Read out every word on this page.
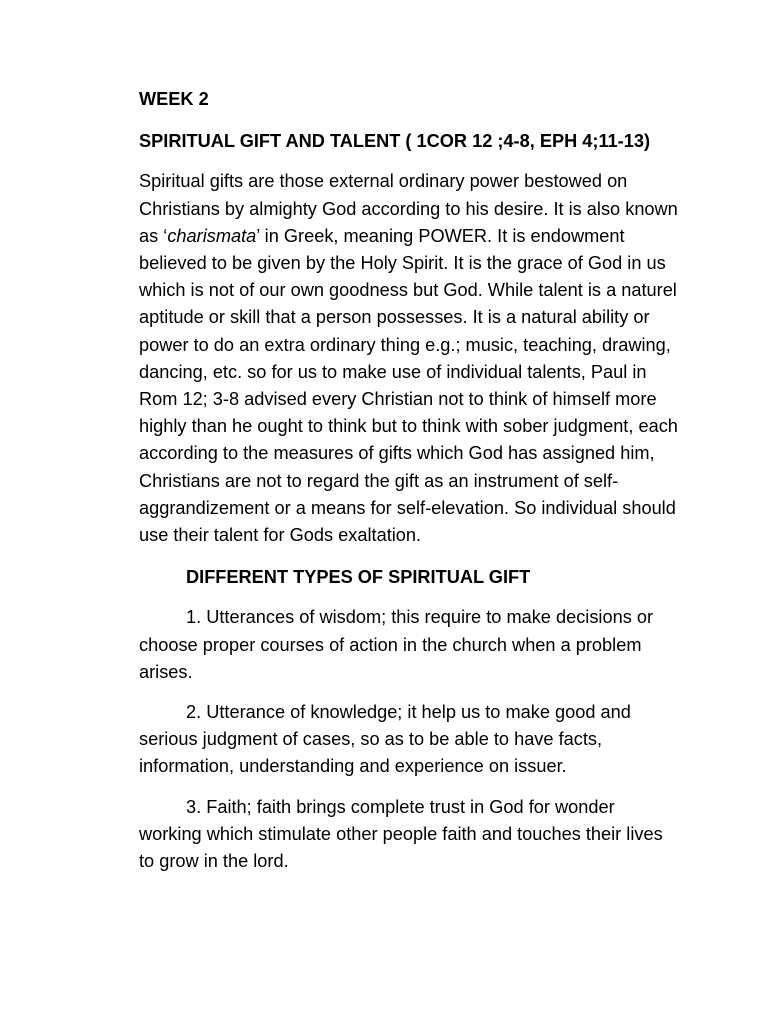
WEEK 2

SPIRITUAL GIFT AND TALENT ( 1COR 12 ;4-8, EPH 4;11-13)

Spiritual gifts are those external ordinary power bestowed on Christians by almighty God according to his desire. It is also known as ‘charismata’ in Greek, meaning POWER. It is endowment believed to be given by the Holy Spirit. It is the grace of God in us which is not of our own goodness but God. While talent is a naturel aptitude or skill that a person possesses. It is a natural ability or power to do an extra ordinary thing e.g.; music, teaching, drawing, dancing, etc. so for us to make use of individual talents, Paul in Rom 12; 3-8 advised every Christian not to think of himself more highly than he ought to think but to think with sober judgment, each according to the measures of gifts which God has assigned him, Christians are not to regard the gift as an instrument of self-aggrandizement or a means for self-elevation. So individual should use their talent for Gods exaltation.

DIFFERENT TYPES OF SPIRITUAL GIFT

1. Utterances of wisdom; this require to make decisions or choose proper courses of action in the church when a problem arises.

2. Utterance of knowledge; it help us to make good and serious judgment of cases, so as to be able to have facts, information, understanding and experience on issuer.

3. Faith; faith brings complete trust in God for wonder working which stimulate other people faith and touches their lives to grow in the lord.
